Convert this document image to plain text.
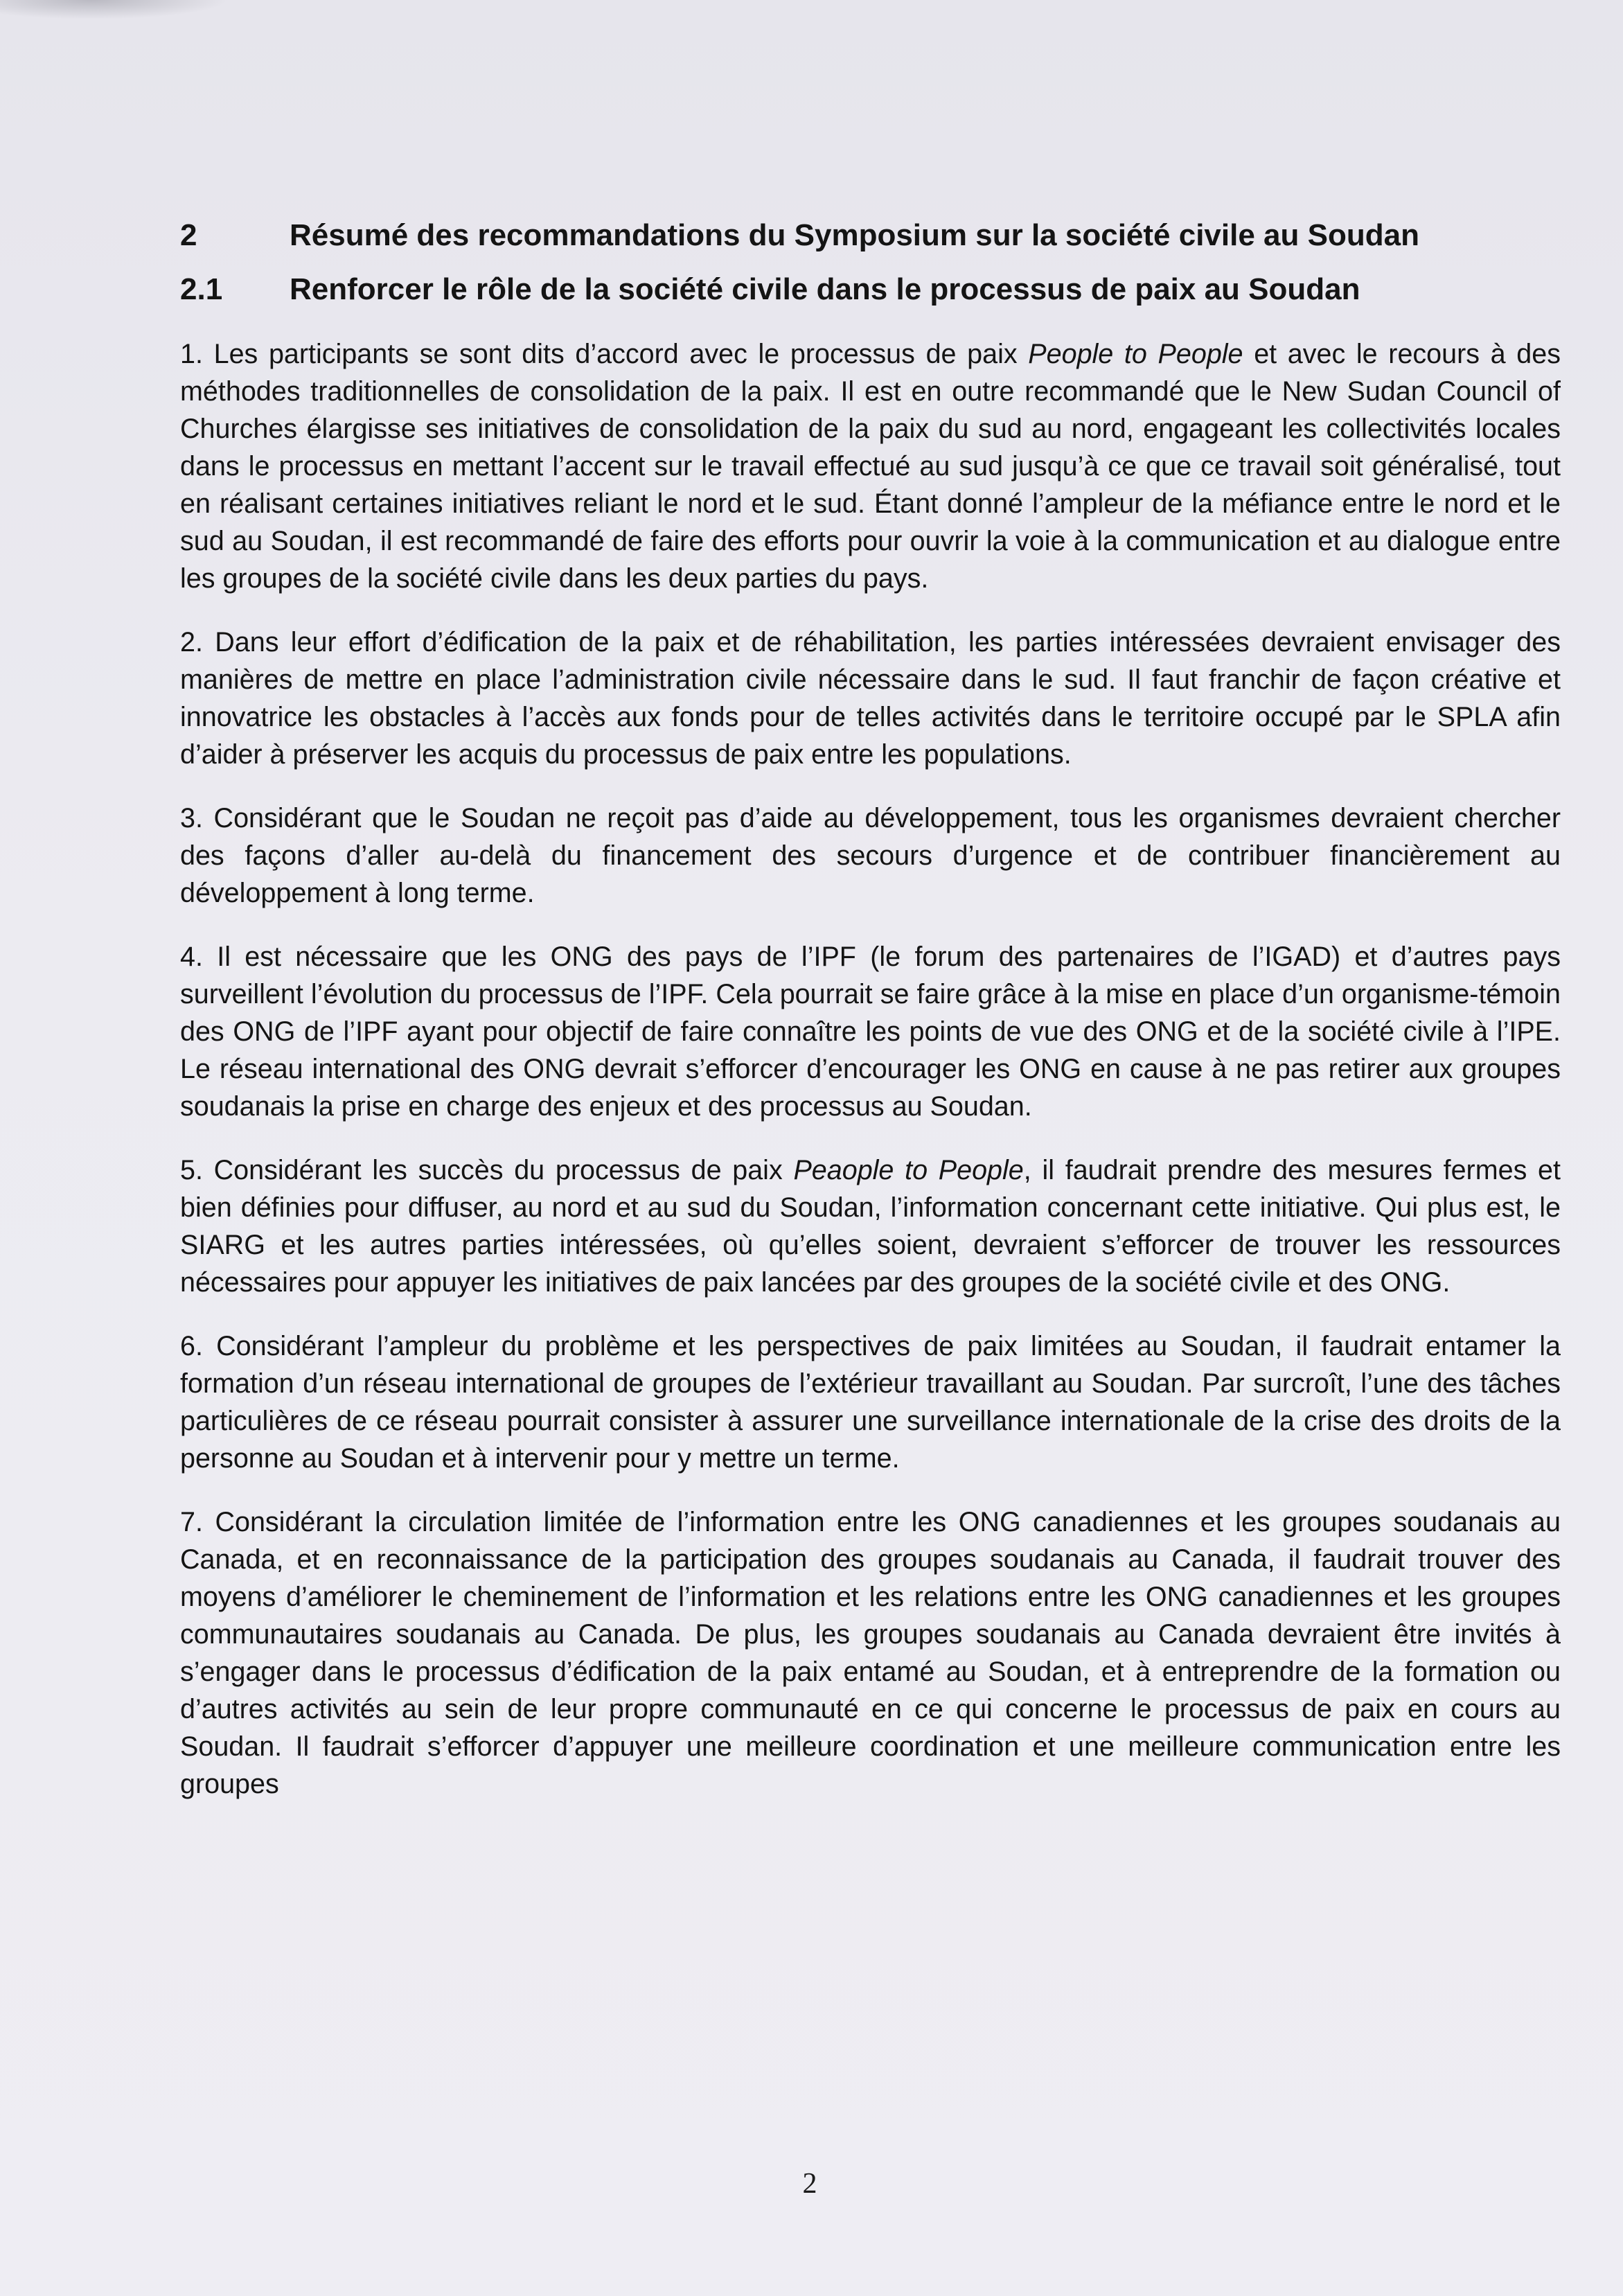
2	Résumé des recommandations du Symposium sur la société civile au Soudan
2.1	Renforcer le rôle de la société civile dans le processus de paix au Soudan

1. Les participants se sont dits d’accord avec le processus de paix People to People et avec le recours à des méthodes traditionnelles de consolidation de la paix. Il est en outre recommandé que le New Sudan Council of Churches élargisse ses initiatives de consolidation de la paix du sud au nord, engageant les collectivités locales dans le processus en mettant l’accent sur le travail effectué au sud jusqu’à ce que ce travail soit généralisé, tout en réalisant certaines initiatives reliant le nord et le sud. Étant donné l’ampleur de la méfiance entre le nord et le sud au Soudan, il est recommandé de faire des efforts pour ouvrir la voie à la communication et au dialogue entre les groupes de la société civile dans les deux parties du pays.

2. Dans leur effort d’édification de la paix et de réhabilitation, les parties intéressées devraient envisager des manières de mettre en place l’administration civile nécessaire dans le sud. Il faut franchir de façon créative et innovatrice les obstacles à l’accès aux fonds pour de telles activités dans le territoire occupé par le SPLA afin d’aider à préserver les acquis du processus de paix entre les populations.

3. Considérant que le Soudan ne reçoit pas d’aide au développement, tous les organismes devraient chercher des façons d’aller au-delà du financement des secours d’urgence et de contribuer financièrement au développement à long terme.

4. Il est nécessaire que les ONG des pays de l’IPF (le forum des partenaires de l’IGAD) et d’autres pays surveillent l’évolution du processus de l’IPF. Cela pourrait se faire grâce à la mise en place d’un organisme-témoin des ONG de l’IPF ayant pour objectif de faire connaître les points de vue des ONG et de la société civile à l’IPE. Le réseau international des ONG devrait s’efforcer d’encourager les ONG en cause à ne pas retirer aux groupes soudanais la prise en charge des enjeux et des processus au Soudan.

5. Considérant les succès du processus de paix Peaople to People, il faudrait prendre des mesures fermes et bien définies pour diffuser, au nord et au sud du Soudan, l’information concernant cette initiative. Qui plus est, le SIARG et les autres parties intéressées, où qu’elles soient, devraient s’efforcer de trouver les ressources nécessaires pour appuyer les initiatives de paix lancées par des groupes de la société civile et des ONG.

6. Considérant l’ampleur du problème et les perspectives de paix limitées au Soudan, il faudrait entamer la formation d’un réseau international de groupes de l’extérieur travaillant au Soudan. Par surcroît, l’une des tâches particulières de ce réseau pourrait consister à assurer une surveillance internationale de la crise des droits de la personne au Soudan et à intervenir pour y mettre un terme.

7. Considérant la circulation limitée de l’information entre les ONG canadiennes et les groupes soudanais au Canada, et en reconnaissance de la participation des groupes soudanais au Canada, il faudrait trouver des moyens d’améliorer le cheminement de l’information et les relations entre les ONG canadiennes et les groupes communautaires soudanais au Canada. De plus, les groupes soudanais au Canada devraient être invités à s’engager dans le processus d’édification de la paix entamé au Soudan, et à entreprendre de la formation ou d’autres activités au sein de leur propre communauté en ce qui concerne le processus de paix en cours au Soudan. Il faudrait s’efforcer d’appuyer une meilleure coordination et une meilleure communication entre les groupes

2
